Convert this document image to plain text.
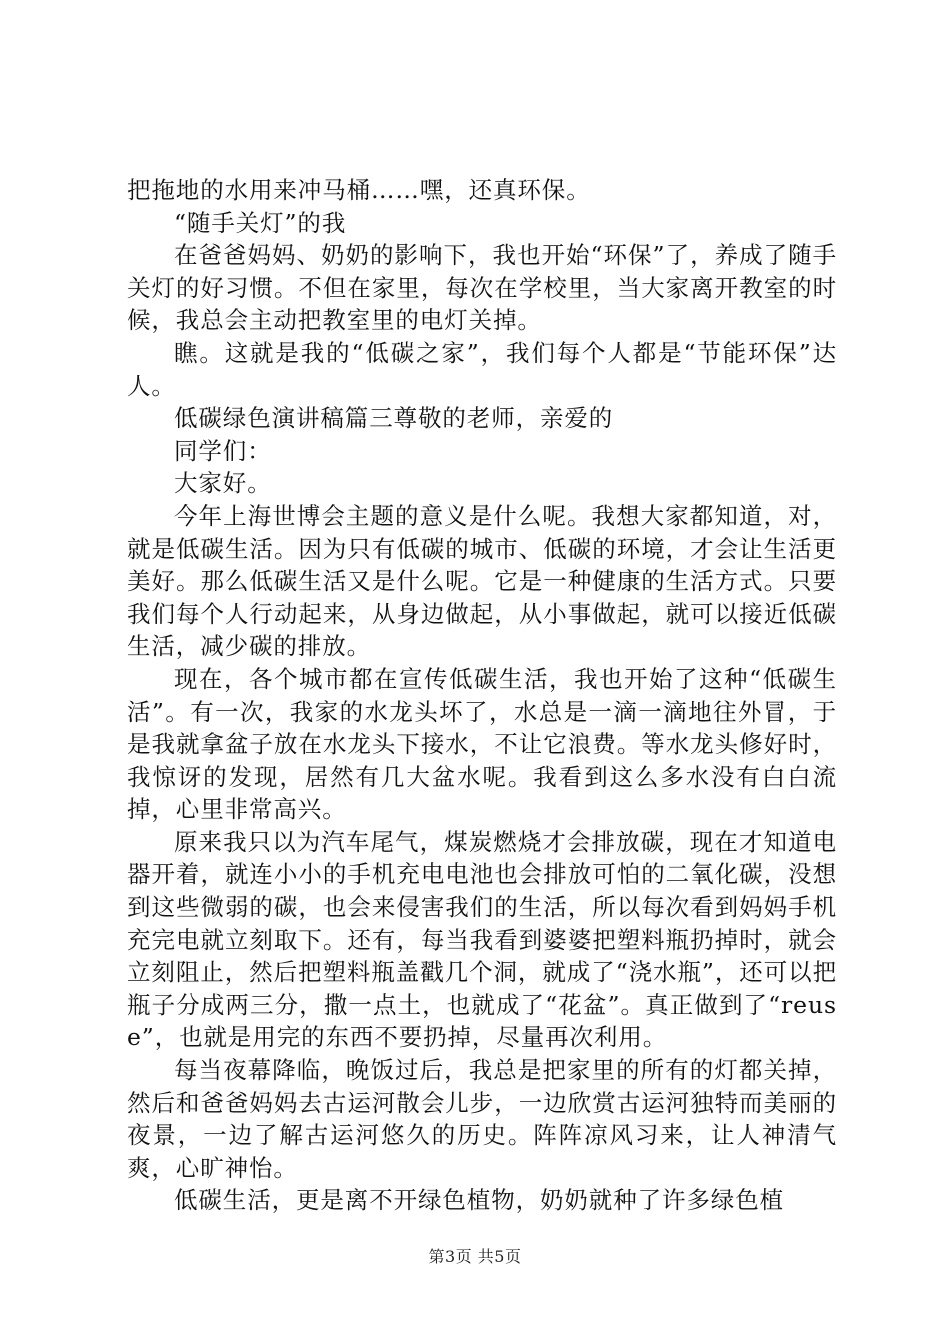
把拖地的水用来冲马桶……嘿，还真环保。

“随手关灯”的我

在爸爸妈妈、奶奶的影响下，我也开始“环保”了，养成了随手关灯的好习惯。不但在家里，每次在学校里，当大家离开教室的时候，我总会主动把教室里的电灯关掉。

瞧。这就是我的“低碳之家”，我们每个人都是“节能环保”达人。

低碳绿色演讲稿篇三尊敬的老师，亲爱的

同学们：

大家好。

今年上海世博会主题的意义是什么呢。我想大家都知道，对，就是低碳生活。因为只有低碳的城市、低碳的环境，才会让生活更美好。那么低碳生活又是什么呢。它是一种健康的生活方式。只要我们每个人行动起来，从身边做起，从小事做起，就可以接近低碳生活，减少碳的排放。

现在，各个城市都在宣传低碳生活，我也开始了这种“低碳生活”。有一次，我家的水龙头坏了，水总是一滴一滴地往外冒，于是我就拿盆子放在水龙头下接水，不让它浪费。等水龙头修好时，我惊讶的发现，居然有几大盆水呢。我看到这么多水没有白白流掉，心里非常高兴。

原来我只以为汽车尾气，煤炭燃烧才会排放碳，现在才知道电器开着，就连小小的手机充电电池也会排放可怕的二氧化碳，没想到这些微弱的碳，也会来侵害我们的生活，所以每次看到妈妈手机充完电就立刻取下。还有，每当我看到婆婆把塑料瓶扔掉时，就会立刻阻止，然后把塑料瓶盖戳几个洞，就成了“浇水瓶”，还可以把瓶子分成两三分，撒一点土，也就成了“花盆”。真正做到了“reuse”，也就是用完的东西不要扔掉，尽量再次利用。

每当夜幕降临，晚饭过后，我总是把家里的所有的灯都关掉，然后和爸爸妈妈去古运河散会儿步，一边欣赏古运河独特而美丽的夜景，一边了解古运河悠久的历史。阵阵凉风习来，让人神清气爽，心旷神怡。

低碳生活，更是离不开绿色植物，奶奶就种了许多绿色植

第3页 共5页
